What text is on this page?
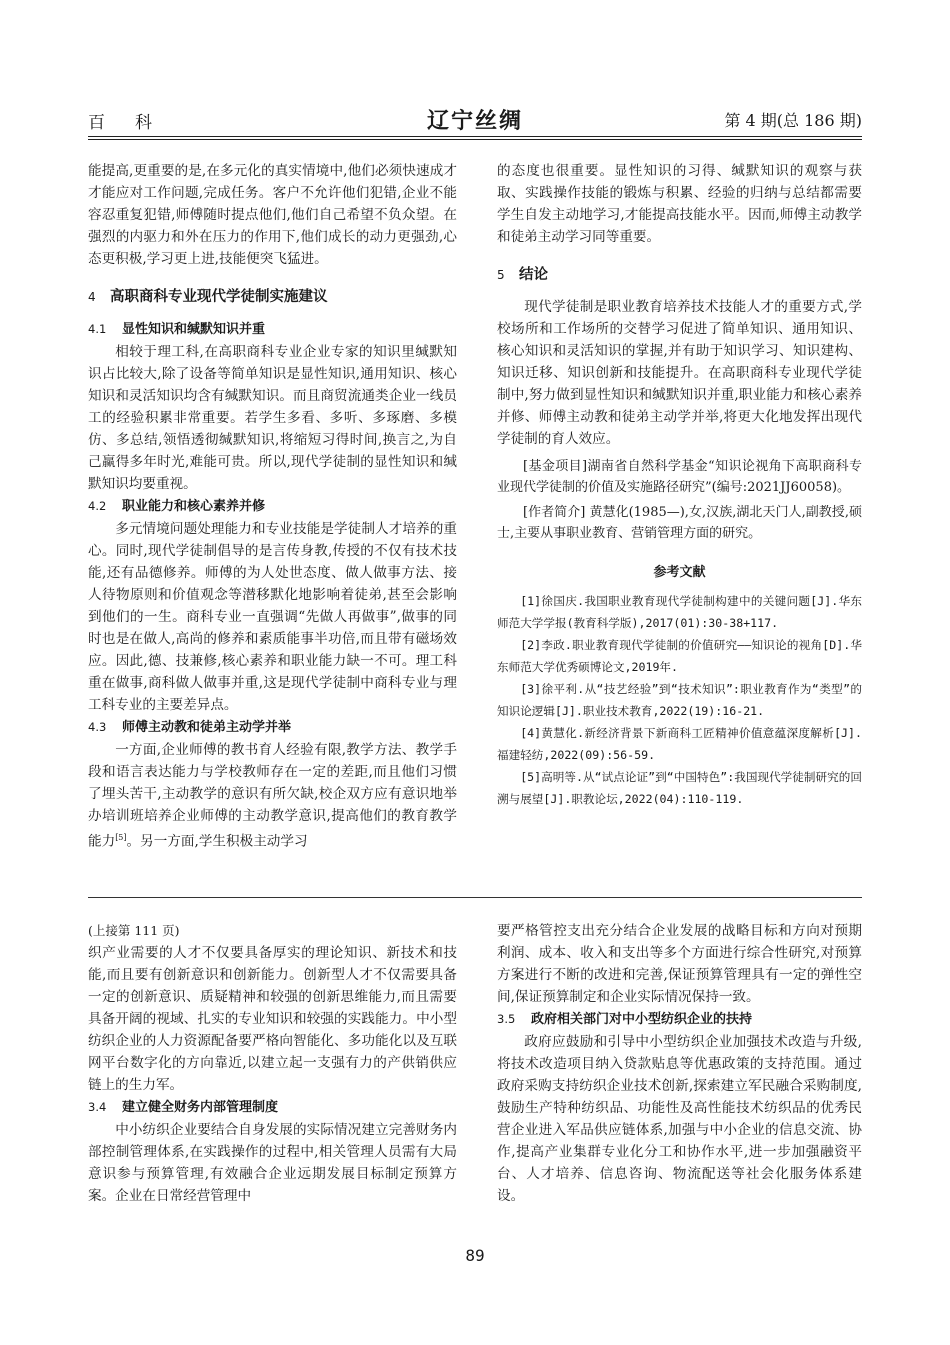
百科	辽宁丝绸	第 4 期(总 186 期)

能提高,更重要的是,在多元化的真实情境中,他们必须快速成才才能应对工作问题,完成任务。客户不允许他们犯错,企业不能容忍重复犯错,师傅随时提点他们,他们自己希望不负众望。在强烈的内驱力和外在压力的作用下,他们成长的动力更强劲,心态更积极,学习更上进,技能便突飞猛进。

4 高职商科专业现代学徒制实施建议
4.1 显性知识和缄默知识并重

相较于理工科,在高职商科专业企业专家的知识里缄默知识占比较大,除了设备等简单知识是显性知识,通用知识、核心知识和灵活知识均含有缄默知识。而且商贸流通类企业一线员工的经验积累非常重要。若学生多看、多听、多琢磨、多模仿、多总结,领悟透彻缄默知识,将缩短习得时间,换言之,为自己赢得多年时光,难能可贵。所以,现代学徒制的显性知识和缄默知识均要重视。

4.2 职业能力和核心素养并修

多元情境问题处理能力和专业技能是学徒制人才培养的重心。同时,现代学徒制倡导的是言传身教,传授的不仅有技术技能,还有品德修养。师傅的为人处世态度、做人做事方法、接人待物原则和价值观念等潜移默化地影响着徒弟,甚至会影响到他们的一生。商科专业一直强调“先做人再做事”,做事的同时也是在做人,高尚的修养和素质能事半功倍,而且带有磁场效应。因此,德、技兼修,核心素养和职业能力缺一不可。理工科重在做事,商科做人做事并重,这是现代学徒制中商科专业与理工科专业的主要差异点。

4.3 师傅主动教和徒弟主动学并举

一方面,企业师傅的教书育人经验有限,教学方法、教学手段和语言表达能力与学校教师存在一定的差距,而且他们习惯了埋头苦干,主动教学的意识有所欠缺,校企双方应有意识地举办培训班培养企业师傅的主动教学意识,提高他们的教育教学能力[5]。另一方面,学生积极主动学习

的态度也很重要。显性知识的习得、缄默知识的观察与获取、实践操作技能的锻炼与积累、经验的归纳与总结都需要学生自发主动地学习,才能提高技能水平。因而,师傅主动教学和徒弟主动学习同等重要。

5 结论

现代学徒制是职业教育培养技术技能人才的重要方式,学校场所和工作场所的交替学习促进了简单知识、通用知识、核心知识和灵活知识的掌握,并有助于知识学习、知识建构、知识迁移、知识创新和技能提升。在高职商科专业现代学徒制中,努力做到显性知识和缄默知识并重,职业能力和核心素养并修、师傅主动教和徒弟主动学并举,将更大化地发挥出现代学徒制的育人效应。

[基金项目]湖南省自然科学基金“知识论视角下高职商科专业现代学徒制的价值及实施路径研究”(编号:2021JJ60058)。

[作者简介] 黄慧化(1985—),女,汉族,湖北天门人,副教授,硕士,主要从事职业教育、营销管理方面的研究。

参考文献

[1]徐国庆.我国职业教育现代学徒制构建中的关键问题[J].华东师范大学学报(教育科学版),2017(01):30-38+117.

[2]李政.职业教育现代学徒制的价值研究——知识论的视角[D].华东师范大学优秀硕博论文,2019年.

[3]徐平利.从“技艺经验”到“技术知识”:职业教育作为“类型”的知识论逻辑[J].职业技术教育,2022(19):16-21.

[4]黄慧化.新经济背景下新商科工匠精神价值意蕴深度解析[J].福建轻纺,2022(09):56-59.

[5]高明等.从“试点论证”到“中国特色”:我国现代学徒制研究的回溯与展望[J].职教论坛,2022(04):110-119.

(上接第 111 页)

织产业需要的人才不仅要具备厚实的理论知识、新技术和技能,而且要有创新意识和创新能力。创新型人才不仅需要具备一定的创新意识、质疑精神和较强的创新思维能力,而且需要具备开阔的视域、扎实的专业知识和较强的实践能力。中小型纺织企业的人力资源配备要严格向智能化、多功能化以及互联网平台数字化的方向靠近,以建立起一支强有力的产供销供应链上的生力军。

3.4 建立健全财务内部管理制度

中小纺织企业要结合自身发展的实际情况建立完善财务内部控制管理体系,在实践操作的过程中,相关管理人员需有大局意识参与预算管理,有效融合企业远期发展目标制定预算方案。企业在日常经营管理中

要严格管控支出充分结合企业发展的战略目标和方向对预期利润、成本、收入和支出等多个方面进行综合性研究,对预算方案进行不断的改进和完善,保证预算管理具有一定的弹性空间,保证预算制定和企业实际情况保持一致。

3.5 政府相关部门对中小型纺织企业的扶持

政府应鼓励和引导中小型纺织企业加强技术改造与升级,将技术改造项目纳入贷款贴息等优惠政策的支持范围。通过政府采购支持纺织企业技术创新,探索建立军民融合采购制度,鼓励生产特种纺织品、功能性及高性能技术纺织品的优秀民营企业进入军品供应链体系,加强与中小企业的信息交流、协作,提高产业集群专业化分工和协作水平,进一步加强融资平台、人才培养、信息咨询、物流配送等社会化服务体系建设。

89
